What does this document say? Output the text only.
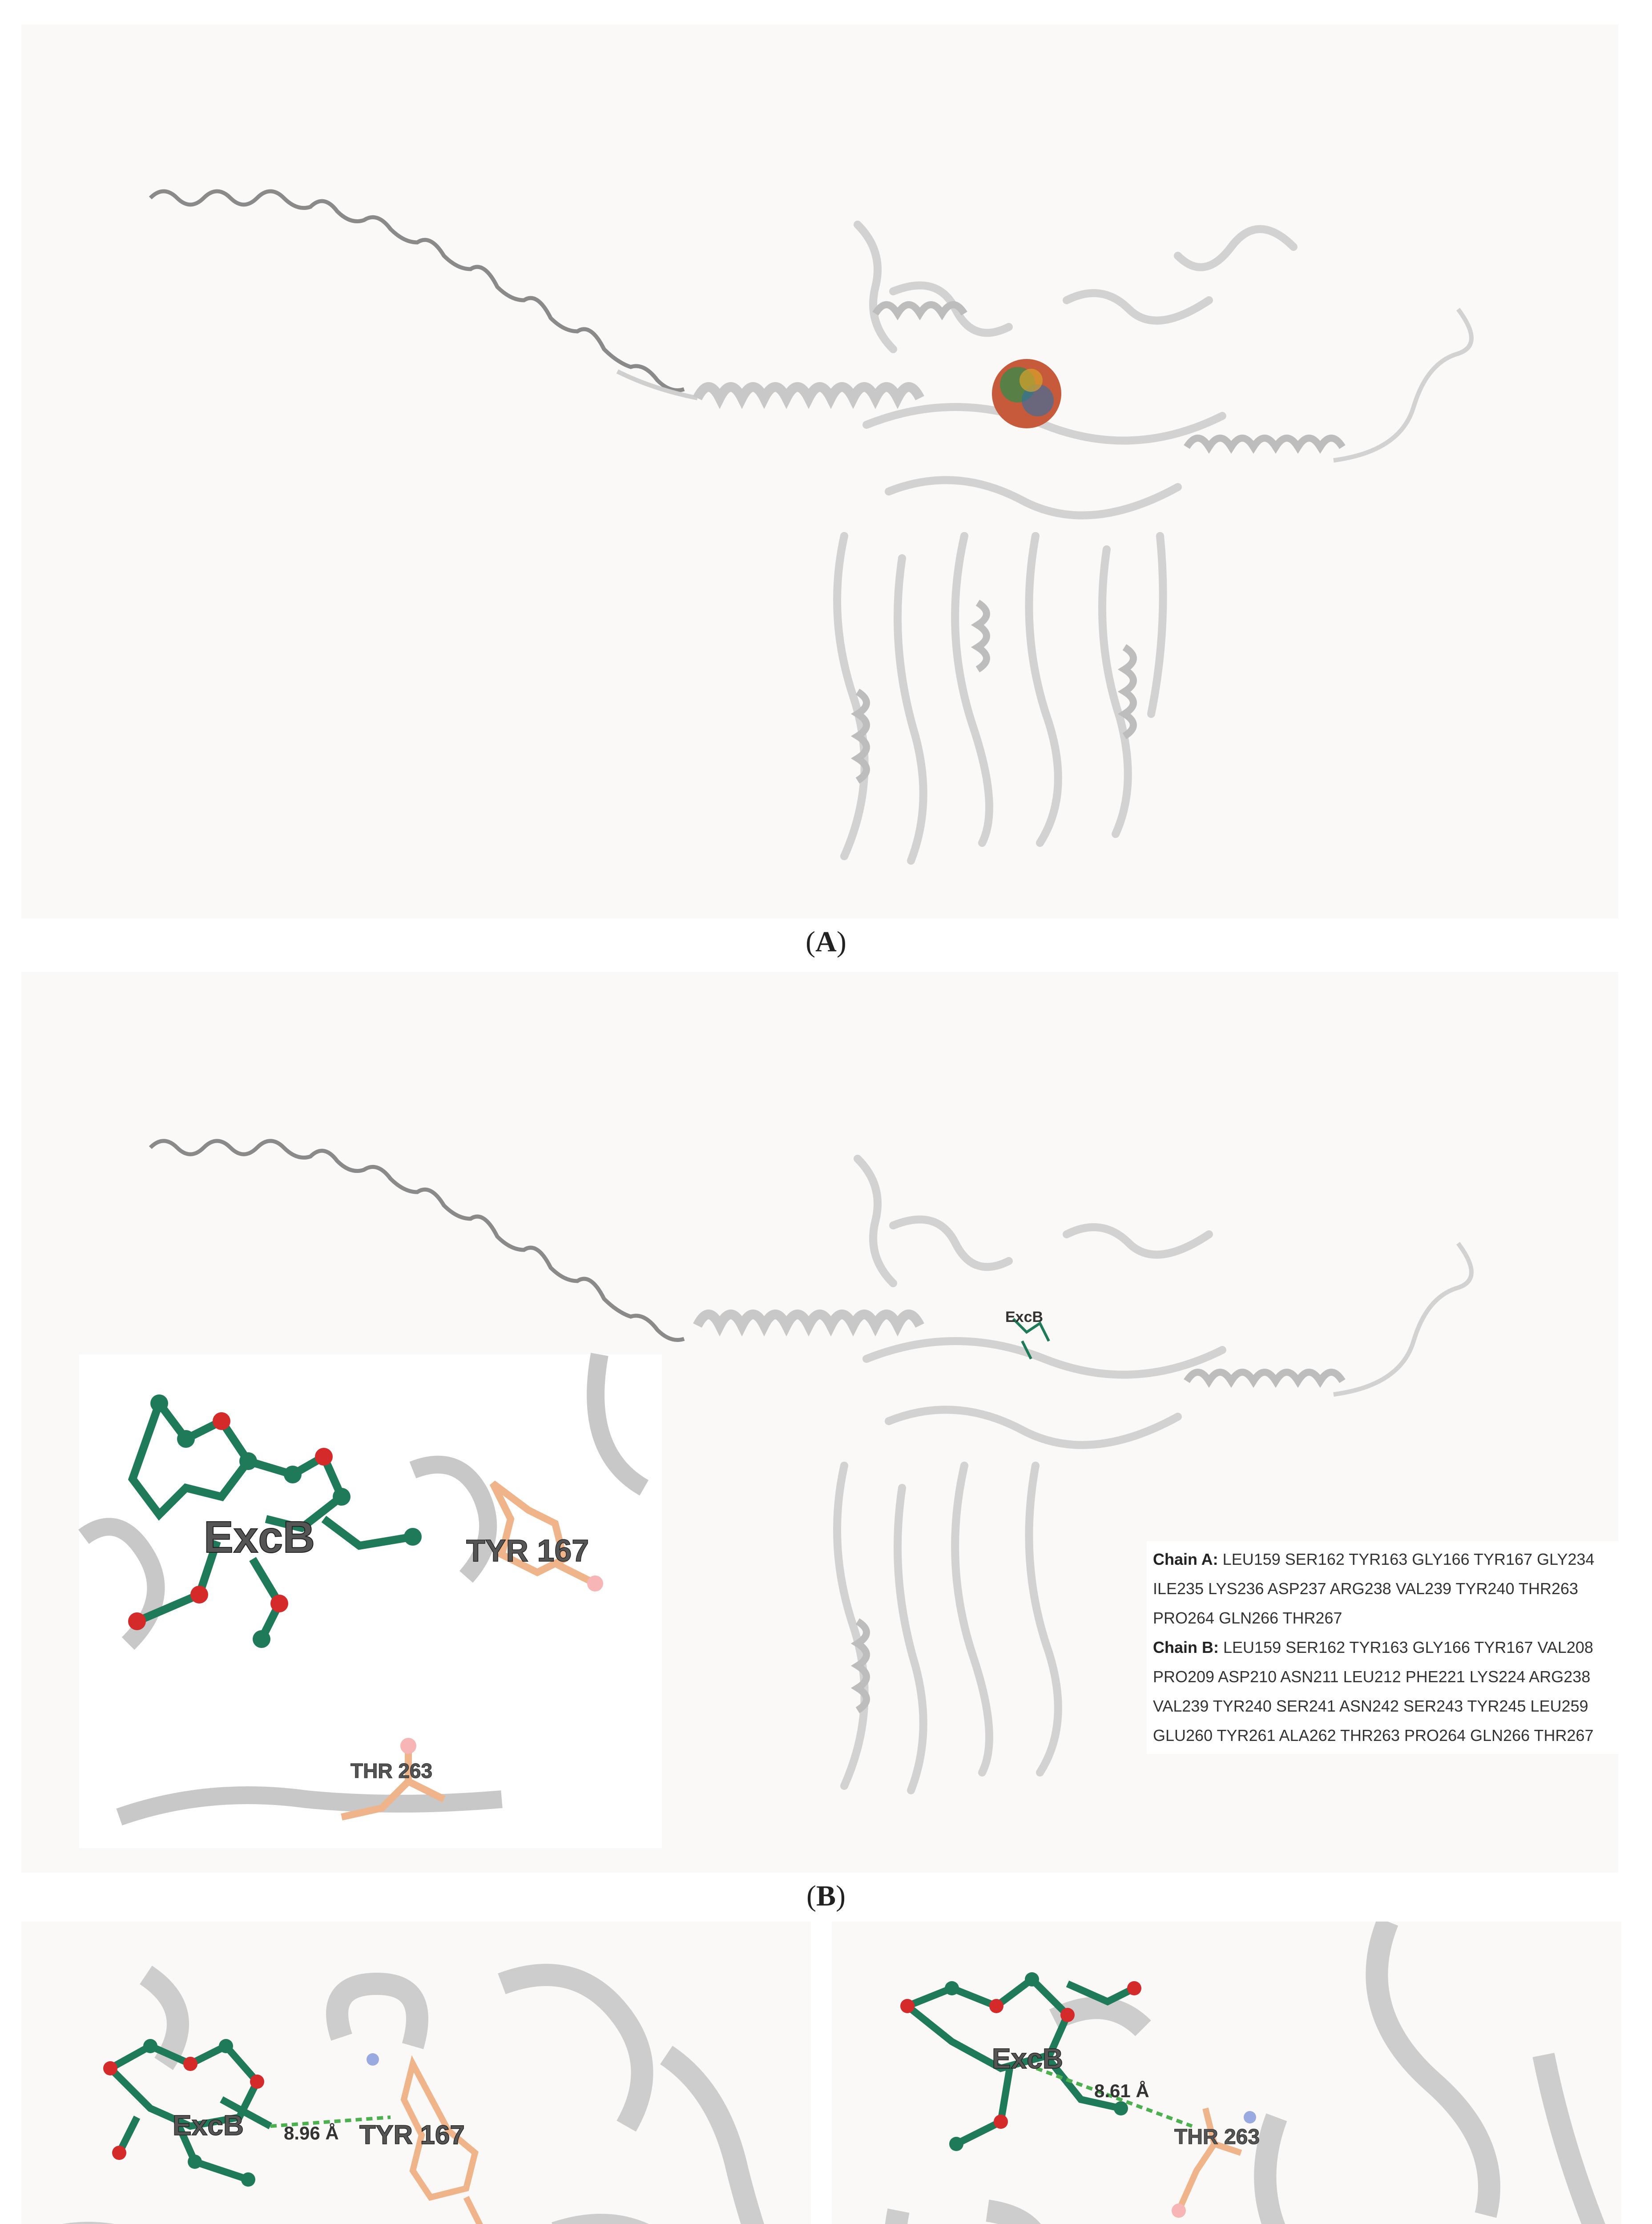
(A)
ExcB
ExcB	TYR 167
THR 263
Chain A: LEU159 SER162 TYR163 GLY166 TYR167 GLY234 ILE235 LYS236 ASP237 ARG238 VAL239 TYR240 THR263 PRO264 GLN266 THR267
Chain B: LEU159 SER162 TYR163 GLY166 TYR167 VAL208 PRO209 ASP210 ASN211 LEU212 PHE221 LYS224 ARG238 VAL239 TYR240 SER241 ASN242 SER243 TYR245 LEU259 GLU260 TYR261 ALA262 THR263 PRO264 GLN266 THR267
(B)
ExcB 8.96 Å TYR 167
ExcB
8.61 Å
THR 263
